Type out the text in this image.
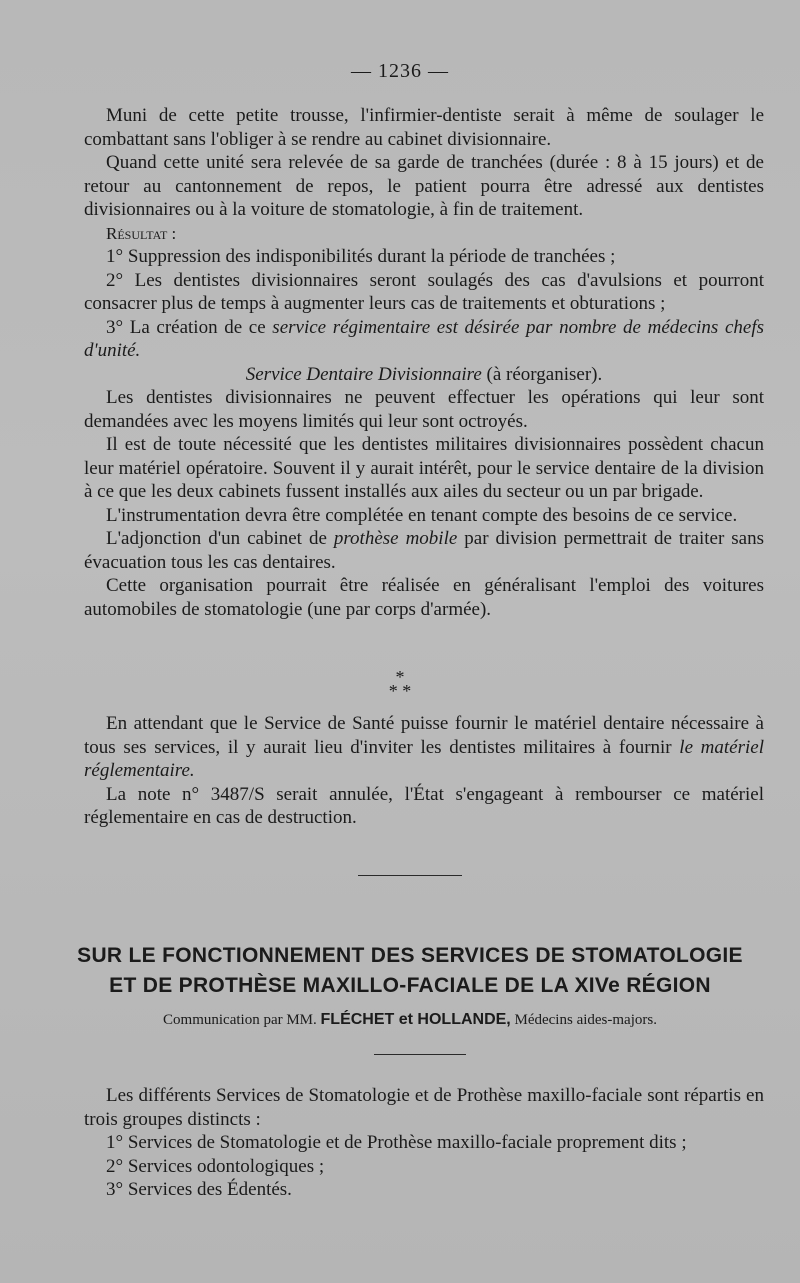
— 1236 —

Muni de cette petite trousse, l'infirmier-dentiste serait à même de soulager le combattant sans l'obliger à se rendre au cabinet divisionnaire.

Quand cette unité sera relevée de sa garde de tranchées (durée : 8 à 15 jours) et de retour au cantonnement de repos, le patient pourra être adressé aux dentistes divisionnaires ou à la voiture de stomatologie, à fin de traitement.

Résultat :

1° Suppression des indisponibilités durant la période de tranchées ;

2° Les dentistes divisionnaires seront soulagés des cas d'avulsions et pourront consacrer plus de temps à augmenter leurs cas de traitements et obturations ;

3° La création de ce service régimentaire est désirée par nombre de médecins chefs d'unité.

Service Dentaire Divisionnaire (à réorganiser).

Les dentistes divisionnaires ne peuvent effectuer les opérations qui leur sont demandées avec les moyens limités qui leur sont octroyés.

Il est de toute nécessité que les dentistes militaires divisionnaires possèdent chacun leur matériel opératoire. Souvent il y aurait intérêt, pour le service dentaire de la division à ce que les deux cabinets fussent installés aux ailes du secteur ou un par brigade.

L'instrumentation devra être complétée en tenant compte des besoins de ce service.

L'adjonction d'un cabinet de prothèse mobile par division permettrait de traiter sans évacuation tous les cas dentaires.

Cette organisation pourrait être réalisée en généralisant l'emploi des voitures automobiles de stomatologie (une par corps d'armée).

*
* *

En attendant que le Service de Santé puisse fournir le matériel dentaire nécessaire à tous ses services, il y aurait lieu d'inviter les dentistes militaires à fournir le matériel réglementaire.

La note n° 3487/S serait annulée, l'État s'engageant à rembourser ce matériel réglementaire en cas de destruction.

SUR LE FONCTIONNEMENT DES SERVICES DE STOMATOLOGIE
ET DE PROTHÈSE MAXILLO-FACIALE DE LA XIVe RÉGION
Communication par MM. FLÉCHET et HOLLANDE, Médecins aides-majors.

Les différents Services de Stomatologie et de Prothèse maxillo-faciale sont répartis en trois groupes distincts :

1° Services de Stomatologie et de Prothèse maxillo-faciale proprement dits ;

2° Services odontologiques ;

3° Services des Édentés.
